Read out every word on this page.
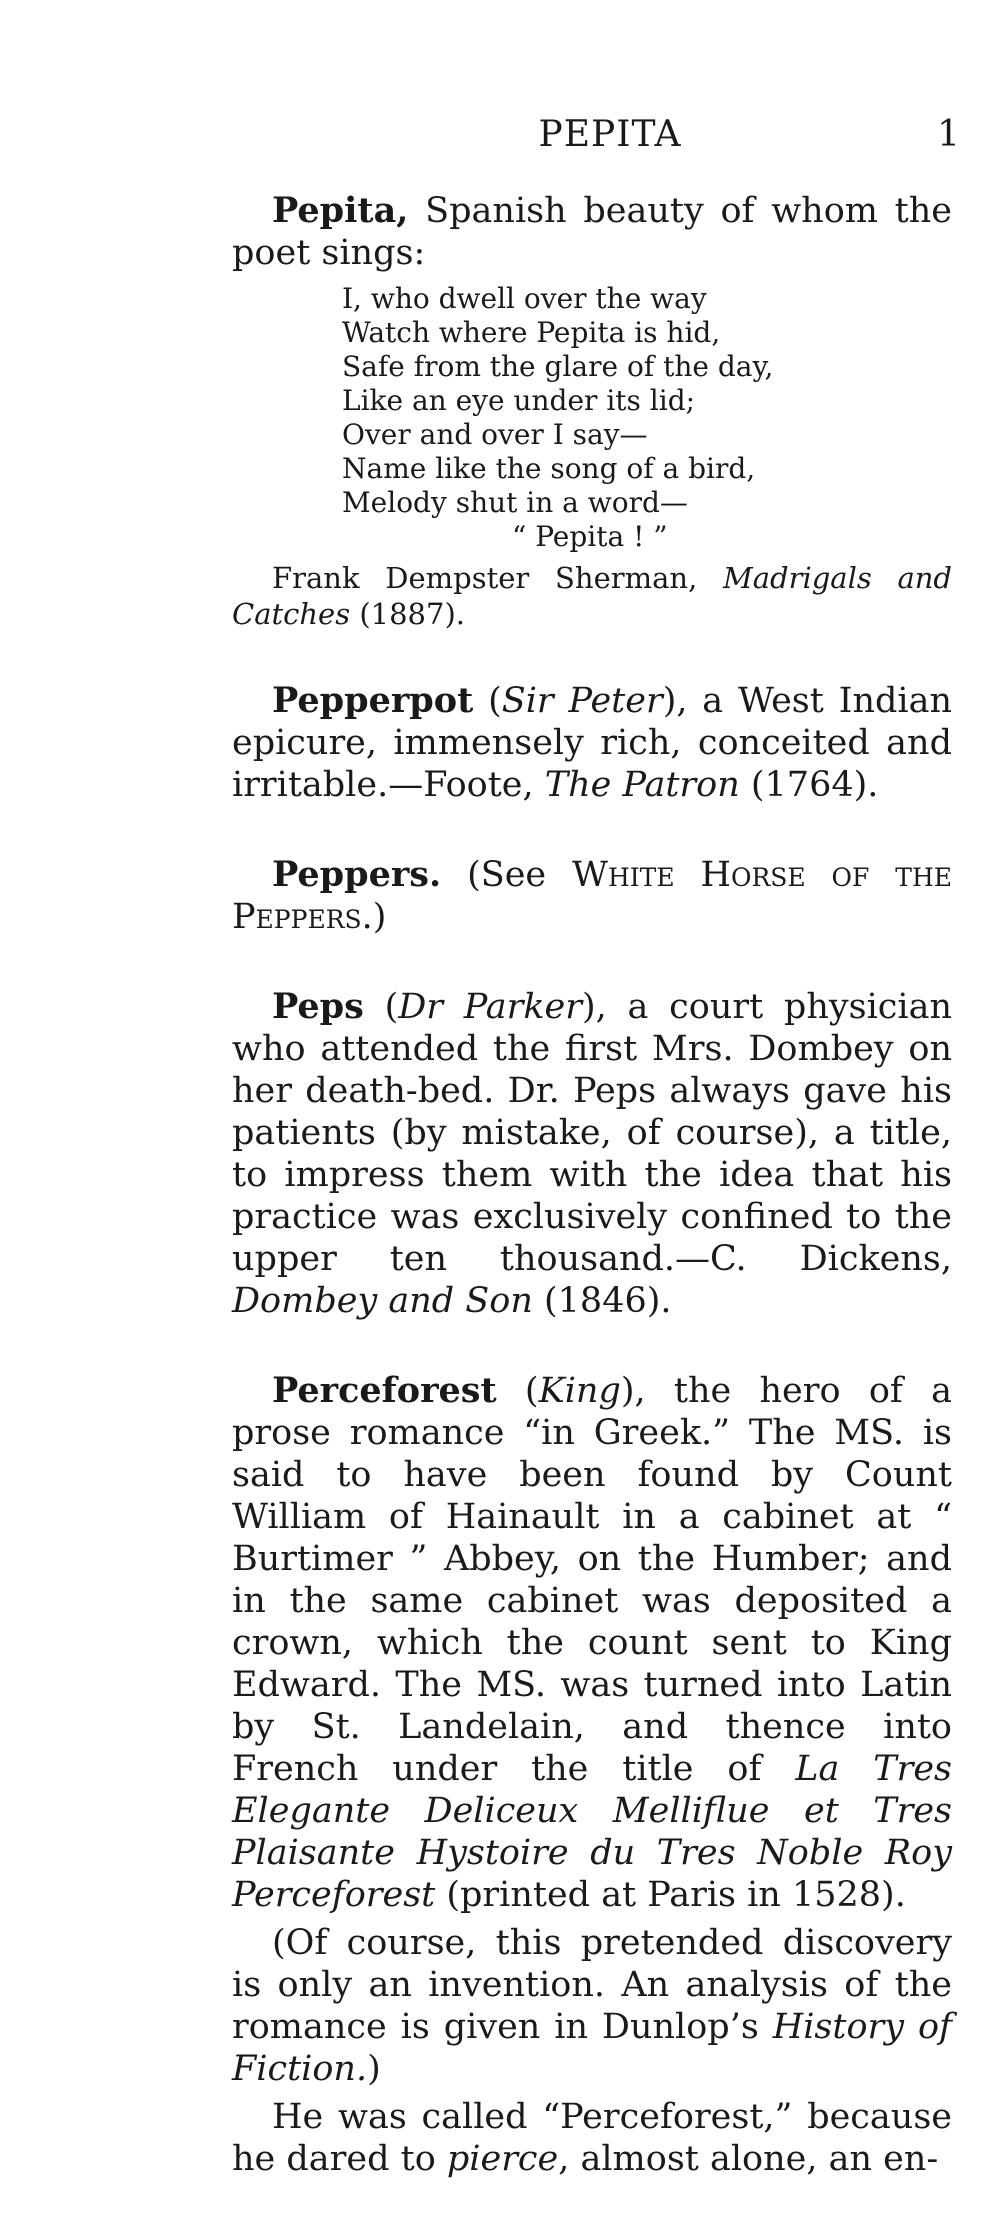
PEPITA	1

Pepita, Spanish beauty of whom the poet sings:

I, who dwell over the way
Watch where Pepita is hid,
Safe from the glare of the day,
Like an eye under its lid;
Over and over I say—
Name like the song of a bird,
Melody shut in a word—
“ Pepita ! ”
Frank Dempster Sherman, Madrigals and Catches (1887).

Pepperpot (Sir Peter), a West Indian epicure, immensely rich, conceited and irritable.—Foote, The Patron (1764).

Peppers. (See White Horse of the Peppers.)

Peps (Dr Parker), a court physician who attended the first Mrs. Dombey on her death-bed. Dr. Peps always gave his patients (by mistake, of course), a title, to impress them with the idea that his practice was exclusively confined to the upper ten thousand.—C. Dickens, Dombey and Son (1846).

Perceforest (King), the hero of a prose romance “in Greek.” The MS. is said to have been found by Count William of Hainault in a cabinet at “ Burtimer ” Abbey, on the Humber; and in the same cabinet was deposited a crown, which the count sent to King Edward. The MS. was turned into Latin by St. Landelain, and thence into French under the title of La Tres Elegante Deliceux Melliflue et Tres Plaisante Hystoire du Tres Noble Roy Perceforest (printed at Paris in 1528).

(Of course, this pretended discovery is only an invention. An analysis of the romance is given in Dunlop’s History of Fiction.)

He was called “Perceforest,” because he dared to pierce, almost alone, an en-
